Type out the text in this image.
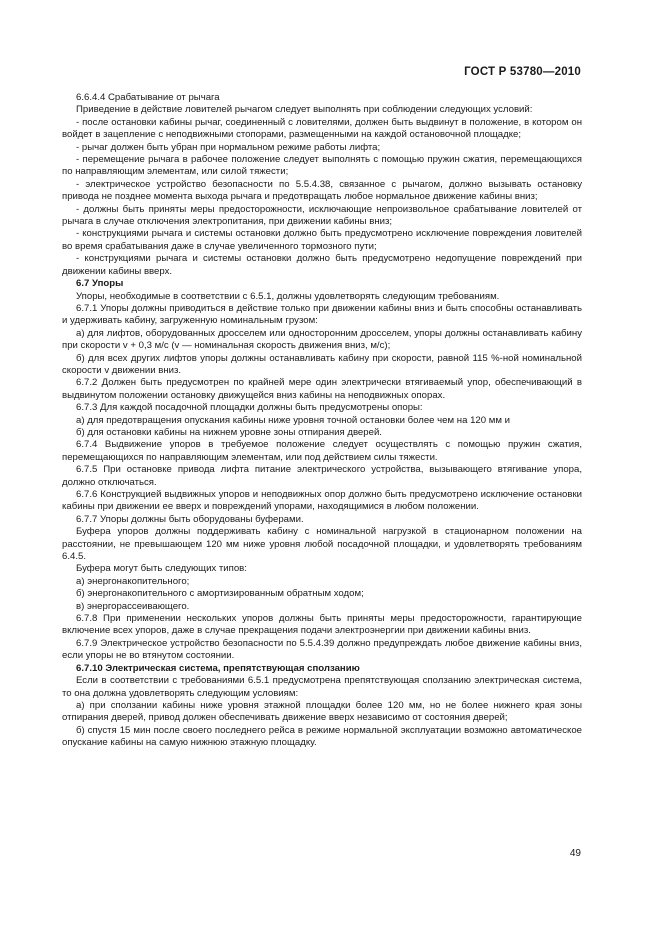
ГОСТ Р 53780—2010

6.6.4.4 Срабатывание от рычага

Приведение в действие ловителей рычагом следует выполнять при соблюдении следующих условий:

- после остановки кабины рычаг, соединенный с ловителями, должен быть выдвинут в положение, в котором он войдет в зацепление с неподвижными стопорами, размещенными на каждой остановочной площадке;

- рычаг должен быть убран при нормальном режиме работы лифта;

- перемещение рычага в рабочее положение следует выполнять с помощью пружин сжатия, перемещающихся по направляющим элементам, или силой тяжести;

- электрическое устройство безопасности по 5.5.4.38, связанное с рычагом, должно вызывать остановку привода не позднее момента выхода рычага и предотвращать любое нормальное движение кабины вниз;

- должны быть приняты меры предосторожности, исключающие непроизвольное срабатывание ловителей от рычага в случае отключения электропитания, при движении кабины вниз;

- конструкциями рычага и системы остановки должно быть предусмотрено исключение повреждения ловителей во время срабатывания даже в случае увеличенного тормозного пути;

- конструкциями рычага и системы остановки должно быть предусмотрено недопущение повреждений при движении кабины вверх.

6.7 Упоры

Упоры, необходимые в соответствии с 6.5.1, должны удовлетворять следующим требованиям.

6.7.1 Упоры должны приводиться в действие только при движении кабины вниз и быть способны останавливать и удерживать кабину, загруженную номинальным грузом:

а) для лифтов, оборудованных дросселем или односторонним дросселем, упоры должны останавливать кабину при скорости v + 0,3 м/с (v — номинальная скорость движения вниз, м/с);

б) для всех других лифтов упоры должны останавливать кабину при скорости, равной 115 %-ной номинальной скорости v движении вниз.

6.7.2 Должен быть предусмотрен по крайней мере один электрически втягиваемый упор, обеспечивающий в выдвинутом положении остановку движущейся вниз кабины на неподвижных опорах.

6.7.3 Для каждой посадочной площадки должны быть предусмотрены опоры:

а) для предотвращения опускания кабины ниже уровня точной остановки более чем на 120 мм и

б) для остановки кабины на нижнем уровне зоны отпирания дверей.

6.7.4 Выдвижение упоров в требуемое положение следует осуществлять с помощью пружин сжатия, перемещающихся по направляющим элементам, или под действием силы тяжести.

6.7.5 При остановке привода лифта питание электрического устройства, вызывающего втягивание упора, должно отключаться.

6.7.6 Конструкцией выдвижных упоров и неподвижных опор должно быть предусмотрено исключение остановки кабины при движении ее вверх и повреждений упорами, находящимися в любом положении.

6.7.7 Упоры должны быть оборудованы буферами.

Буфера упоров должны поддерживать кабину с номинальной нагрузкой в стационарном положении на расстоянии, не превышающем 120 мм ниже уровня любой посадочной площадки, и удовлетворять требованиям 6.4.5.

Буфера могут быть следующих типов:

а) энергонакопительного;

б) энергонакопительного с амортизированным обратным ходом;

в) энергорассеивающего.

6.7.8 При применении нескольких упоров должны быть приняты меры предосторожности, гарантирующие включение всех упоров, даже в случае прекращения подачи электроэнергии при движении кабины вниз.

6.7.9 Электрическое устройство безопасности по 5.5.4.39 должно предупреждать любое движение кабины вниз, если упоры не во втянутом состоянии.

6.7.10 Электрическая система, препятствующая сползанию

Если в соответствии с требованиями 6.5.1 предусмотрена препятствующая сползанию электрическая система, то она должна удовлетворять следующим условиям:

а) при сползании кабины ниже уровня этажной площадки более 120 мм, но не более нижнего края зоны отпирания дверей, привод должен обеспечивать движение вверх независимо от состояния дверей;

б) спустя 15 мин после своего последнего рейса в режиме нормальной эксплуатации возможно автоматическое опускание кабины на самую нижнюю этажную площадку.

49
